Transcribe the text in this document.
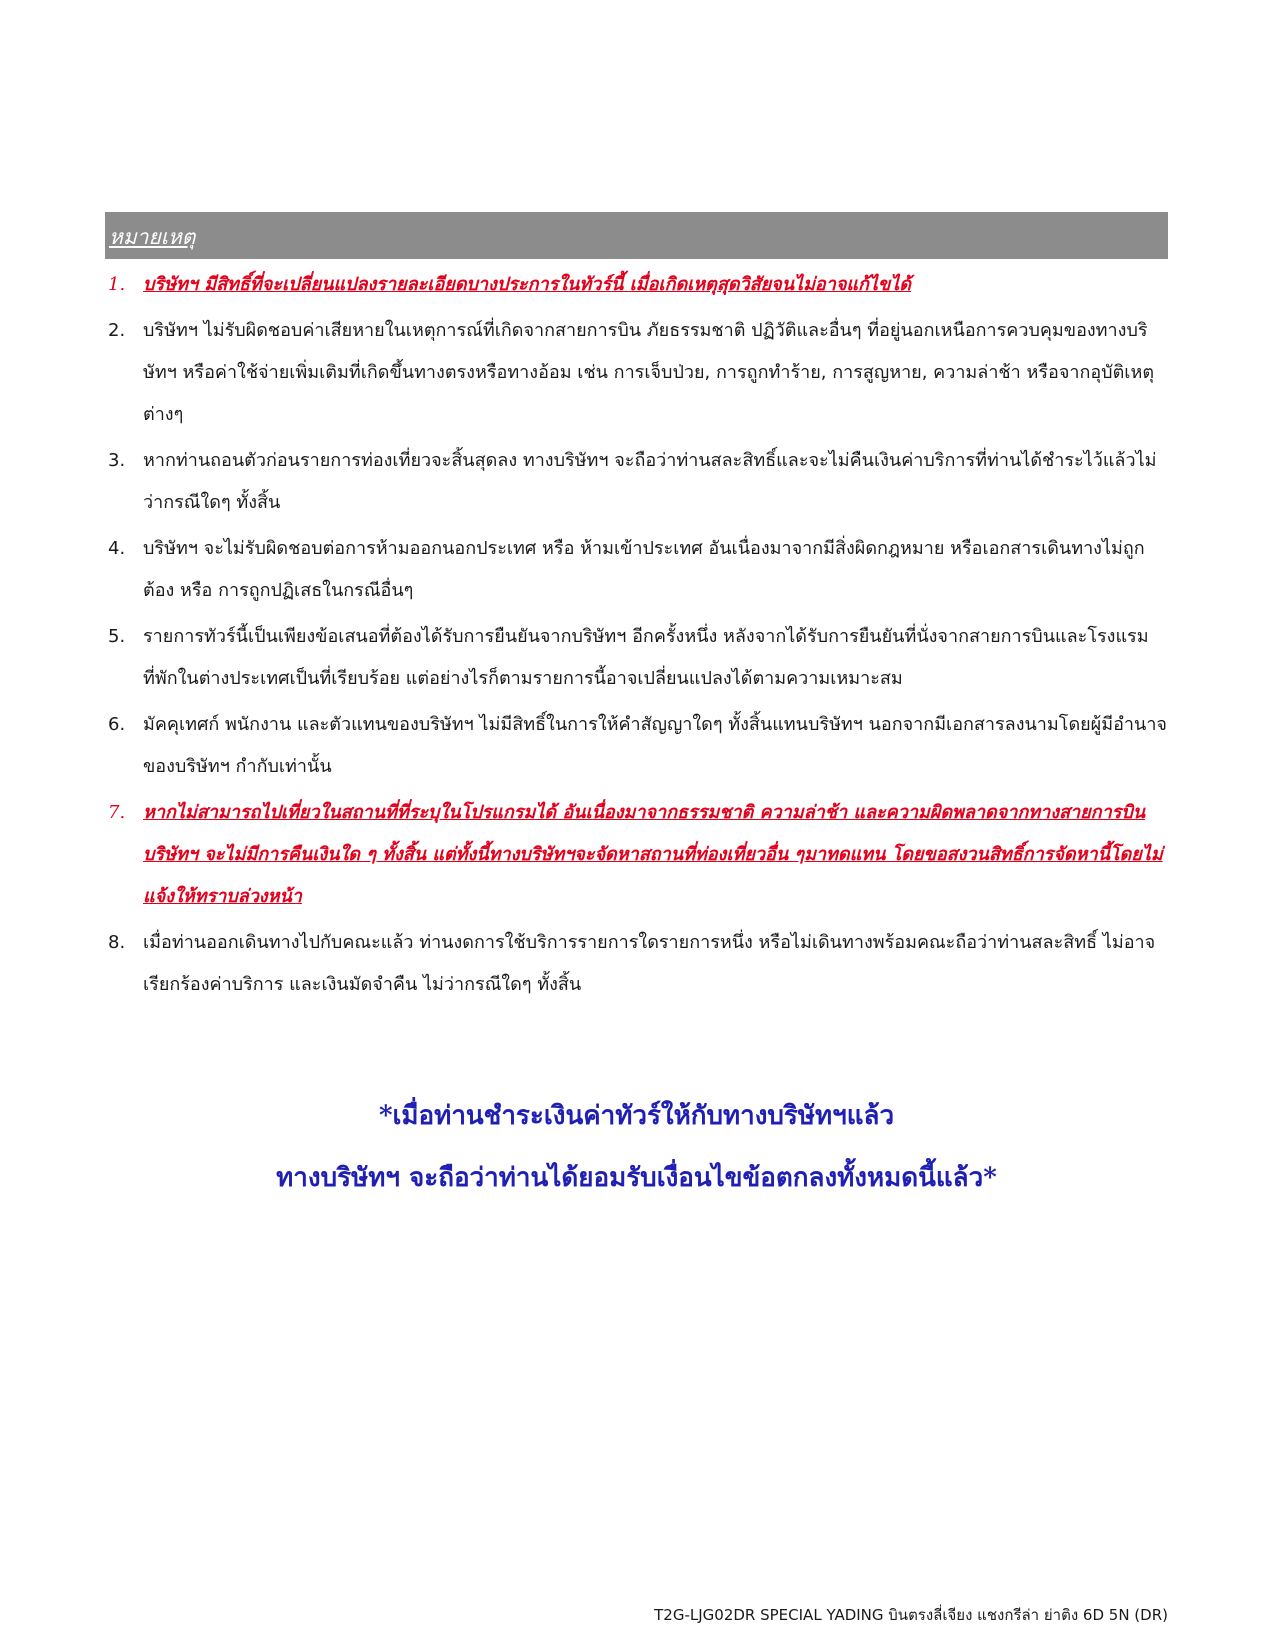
หมายเหตุ
1. บริษัทฯ มีสิทธิ์ที่จะเปลี่ยนแปลงรายละเอียดบางประการในทัวร์นี้ เมื่อเกิดเหตุสุดวิสัยจนไม่อาจแก้ไขได้
2. บริษัทฯ ไม่รับผิดชอบค่าเสียหายในเหตุการณ์ที่เกิดจากสายการบิน ภัยธรรมชาติ ปฏิวัติและอื่นๆ ที่อยู่นอกเหนือการควบคุมของทางบริษัทฯ หรือค่าใช้จ่ายเพิ่มเติมที่เกิดขึ้นทางตรงหรือทางอ้อม เช่น การเจ็บป่วย, การถูกทำร้าย, การสูญหาย, ความล่าช้า หรือจากอุบัติเหตุต่างๆ
3. หากท่านถอนตัวก่อนรายการท่องเที่ยวจะสิ้นสุดลง ทางบริษัทฯ จะถือว่าท่านสละสิทธิ์และจะไม่คืนเงินค่าบริการที่ท่านได้ชำระไว้แล้วไม่ว่ากรณีใดๆ ทั้งสิ้น
4. บริษัทฯ จะไม่รับผิดชอบต่อการห้ามออกนอกประเทศ หรือ ห้ามเข้าประเทศ อันเนื่องมาจากมีสิ่งผิดกฎหมาย หรือเอกสารเดินทางไม่ถูกต้อง หรือ การถูกปฏิเสธในกรณีอื่นๆ
5. รายการทัวร์นี้เป็นเพียงข้อเสนอที่ต้องได้รับการยืนยันจากบริษัทฯ อีกครั้งหนึ่ง หลังจากได้รับการยืนยันที่นั่งจากสายการบินและโรงแรมที่พักในต่างประเทศเป็นที่เรียบร้อย แต่อย่างไรก็ตามรายการนี้อาจเปลี่ยนแปลงได้ตามความเหมาะสม
6. มัคคุเทศก์ พนักงาน และตัวแทนของบริษัทฯ ไม่มีสิทธิ์ในการให้คำสัญญาใดๆ ทั้งสิ้นแทนบริษัทฯ นอกจากมีเอกสารลงนามโดยผู้มีอำนาจของบริษัทฯ กำกับเท่านั้น
7. หากไม่สามารถไปเที่ยวในสถานที่ที่ระบุในโปรแกรมได้ อันเนื่องมาจากธรรมชาติ ความล่าช้า และความผิดพลาดจากทางสายการบิน บริษัทฯ จะไม่มีการคืนเงินใด ๆ ทั้งสิ้น แต่ทั้งนี้ทางบริษัทฯจะจัดหาสถานที่ท่องเที่ยวอื่น ๆมาทดแทน โดยขอสงวนสิทธิ์การจัดหานี้โดยไม่แจ้งให้ทราบล่วงหน้า
8. เมื่อท่านออกเดินทางไปกับคณะแล้ว ท่านงดการใช้บริการรายการใดรายการหนึ่ง หรือไม่เดินทางพร้อมคณะถือว่าท่านสละสิทธิ์ ไม่อาจเรียกร้องค่าบริการ และเงินมัดจำคืน ไม่ว่ากรณีใดๆ ทั้งสิ้น
*เมื่อท่านชำระเงินค่าทัวร์ให้กับทางบริษัทฯแล้ว
ทางบริษัทฯ จะถือว่าท่านได้ยอมรับเงื่อนไขข้อตกลงทั้งหมดนี้แล้ว*
T2G-LJG02DR SPECIAL YADING บินตรงลี่เจียง แชงกรีล่า ย่าติง 6D 5N (DR)
